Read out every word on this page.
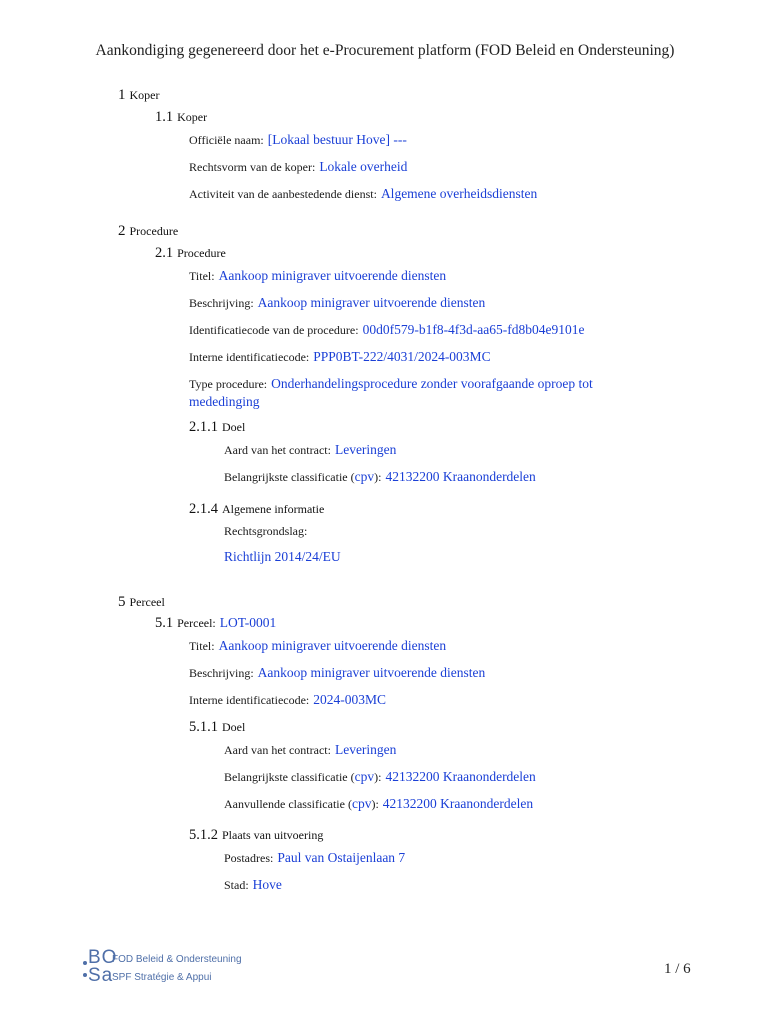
Aankondiging gegenereerd door het e-Procurement platform (FOD Beleid en Ondersteuning)
1 Koper
1.1 Koper
Officiële naam: [Lokaal bestuur Hove] ---
Rechtsvorm van de koper: Lokale overheid
Activiteit van de aanbestedende dienst: Algemene overheidsdiensten
2 Procedure
2.1 Procedure
Titel: Aankoop minigraver uitvoerende diensten
Beschrijving: Aankoop minigraver uitvoerende diensten
Identificatiecode van de procedure: 00d0f579-b1f8-4f3d-aa65-fd8b04e9101e
Interne identificatiecode: PPP0BT-222/4031/2024-003MC
Type procedure: Onderhandelingsprocedure zonder voorafgaande oproep tot mededinging
2.1.1 Doel
Aard van het contract: Leveringen
Belangrijkste classificatie (cpv): 42132200 Kraanonderdelen
2.1.4 Algemene informatie
Rechtsgrondslag:
Richtlijn 2014/24/EU
5 Perceel
5.1 Perceel: LOT-0001
Titel: Aankoop minigraver uitvoerende diensten
Beschrijving: Aankoop minigraver uitvoerende diensten
Interne identificatiecode: 2024-003MC
5.1.1 Doel
Aard van het contract: Leveringen
Belangrijkste classificatie (cpv): 42132200 Kraanonderdelen
Aanvullende classificatie (cpv): 42132200 Kraanonderdelen
5.1.2 Plaats van uitvoering
Postadres: Paul van Ostaijenlaan 7
Stad: Hove
BO
Sa
FOD Beleid & Ondersteuning
SPF Stratégie & Appui
1 / 6
